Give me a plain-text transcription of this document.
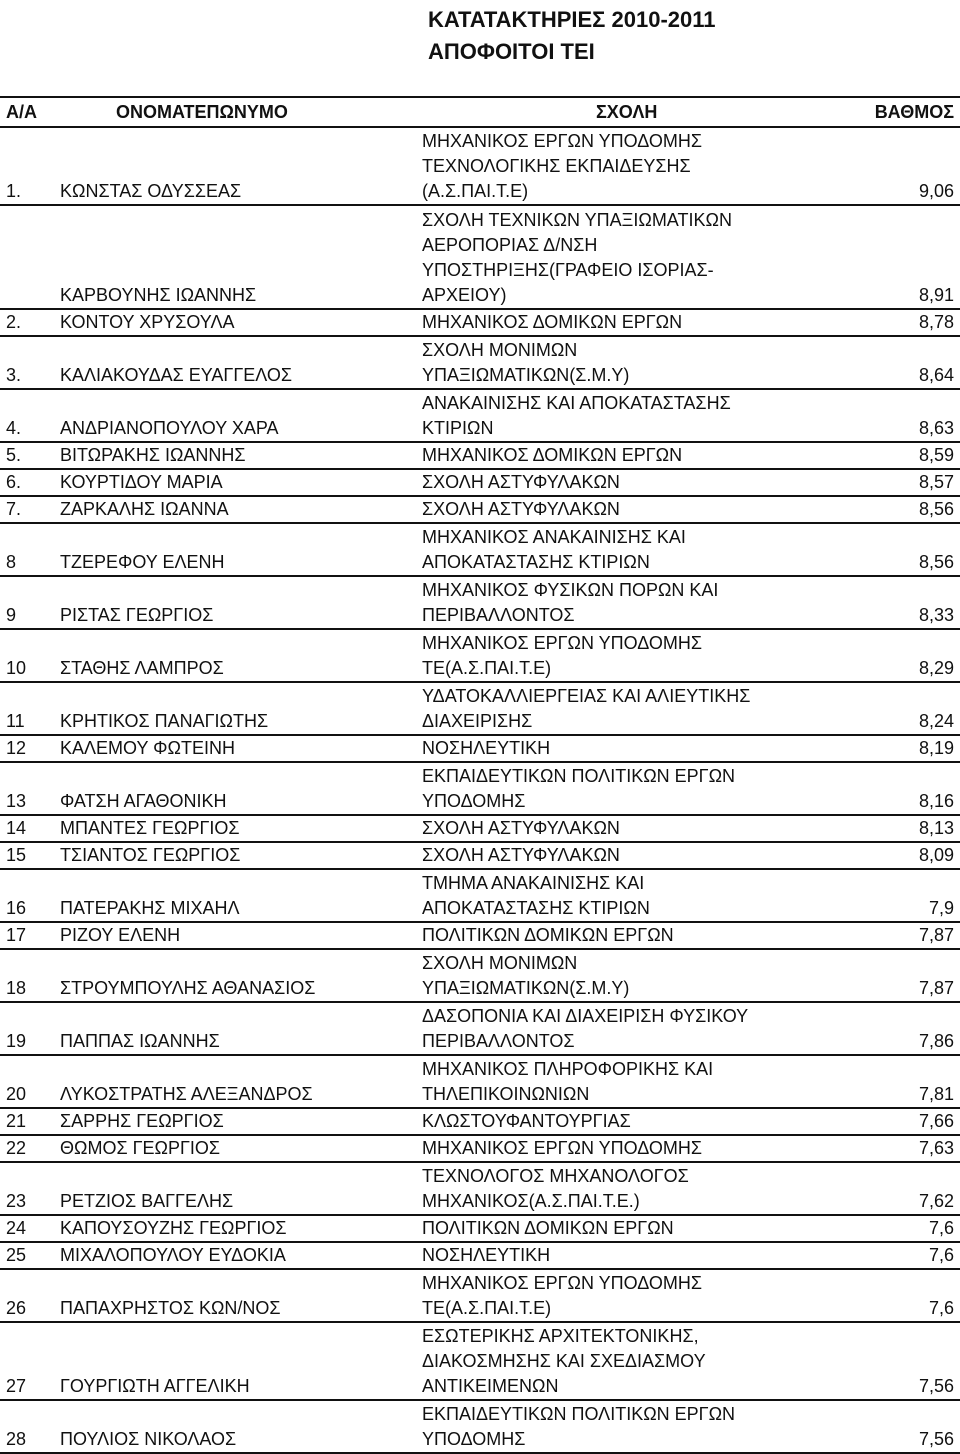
ΚΑΤΑΤΑΚΤΗΡΙΕΣ 2010-2011
ΑΠΟΦΟΙΤΟΙ ΤΕΙ
Α/Α	ΟΝΟΜΑΤΕΠΩΝΥΜΟ	ΣΧΟΛΗ	ΒΑΘΜΟΣ
1.	ΚΩΝΣΤΑΣ ΟΔΥΣΣΕΑΣ	ΜΗΧΑΝΙΚΟΣ ΕΡΓΩΝ ΥΠΟΔΟΜΗΣ
ΤΕΧΝΟΛΟΓΙΚΗΣ ΕΚΠΑΙΔΕΥΣΗΣ
(Α.Σ.ΠΑΙ.Τ.Ε)	9,06
	ΚΑΡΒΟΥΝΗΣ ΙΩΑΝΝΗΣ	ΣΧΟΛΗ ΤΕΧΝΙΚΩΝ ΥΠΑΞΙΩΜΑΤΙΚΩΝ
ΑΕΡΟΠΟΡΙΑΣ Δ/ΝΣΗ
ΥΠΟΣΤΗΡΙΞΗΣ(ΓΡΑΦΕΙΟ ΙΣΟΡΙΑΣ-
ΑΡΧΕΙΟΥ)	8,91
2.	ΚΟΝΤΟΥ ΧΡΥΣΟΥΛΑ	ΜΗΧΑΝΙΚΟΣ ΔΟΜΙΚΩΝ ΕΡΓΩΝ	8,78
3.	ΚΑΛΙΑΚΟΥΔΑΣ ΕΥΑΓΓΕΛΟΣ	ΣΧΟΛΗ ΜΟΝΙΜΩΝ
ΥΠΑΞΙΩΜΑΤΙΚΩΝ(Σ.Μ.Υ)	8,64
4.	ΑΝΔΡΙΑΝΟΠΟΥΛΟΥ ΧΑΡΑ	ΑΝΑΚΑΙΝΙΣΗΣ ΚΑΙ ΑΠΟΚΑΤΑΣΤΑΣΗΣ
ΚΤΙΡΙΩΝ	8,63
5.	ΒΙΤΩΡΑΚΗΣ ΙΩΑΝΝΗΣ	ΜΗΧΑΝΙΚΟΣ ΔΟΜΙΚΩΝ ΕΡΓΩΝ	8,59
6.	ΚΟΥΡΤΙΔΟΥ ΜΑΡΙΑ	ΣΧΟΛΗ ΑΣΤΥΦΥΛΑΚΩΝ	8,57
7.	ΖΑΡΚΑΛΗΣ ΙΩΑΝΝΑ	ΣΧΟΛΗ ΑΣΤΥΦΥΛΑΚΩΝ	8,56
8	ΤΖΕΡΕΦΟΥ ΕΛΕΝΗ	ΜΗΧΑΝΙΚΟΣ ΑΝΑΚΑΙΝΙΣΗΣ ΚΑΙ
ΑΠΟΚΑΤΑΣΤΑΣΗΣ ΚΤΙΡΙΩΝ	8,56
9	ΡΙΣΤΑΣ ΓΕΩΡΓΙΟΣ	ΜΗΧΑΝΙΚΟΣ ΦΥΣΙΚΩΝ ΠΟΡΩΝ ΚΑΙ
ΠΕΡΙΒΑΛΛΟΝΤΟΣ	8,33
10	ΣΤΑΘΗΣ ΛΑΜΠΡΟΣ	ΜΗΧΑΝΙΚΟΣ ΕΡΓΩΝ ΥΠΟΔΟΜΗΣ
ΤΕ(Α.Σ.ΠΑΙ.Τ.Ε)	8,29
11	ΚΡΗΤΙΚΟΣ ΠΑΝΑΓΙΩΤΗΣ	ΥΔΑΤΟΚΑΛΛΙΕΡΓΕΙΑΣ ΚΑΙ ΑΛΙΕΥΤΙΚΗΣ
ΔΙΑΧΕΙΡΙΣΗΣ	8,24
12	ΚΑΛΕΜΟΥ ΦΩΤΕΙΝΗ	ΝΟΣΗΛΕΥΤΙΚΗ	8,19
13	ΦΑΤΣΗ ΑΓΑΘΟΝΙΚΗ	ΕΚΠΑΙΔΕΥΤΙΚΩΝ ΠΟΛΙΤΙΚΩΝ ΕΡΓΩΝ
ΥΠΟΔΟΜΗΣ	8,16
14	ΜΠΑΝΤΕΣ ΓΕΩΡΓΙΟΣ	ΣΧΟΛΗ ΑΣΤΥΦΥΛΑΚΩΝ	8,13
15	ΤΣΙΑΝΤΟΣ ΓΕΩΡΓΙΟΣ	ΣΧΟΛΗ ΑΣΤΥΦΥΛΑΚΩΝ	8,09
16	ΠΑΤΕΡΑΚΗΣ ΜΙΧΑΗΛ	ΤΜΗΜΑ ΑΝΑΚΑΙΝΙΣΗΣ ΚΑΙ
ΑΠΟΚΑΤΑΣΤΑΣΗΣ ΚΤΙΡΙΩΝ	7,9
17	ΡΙΖΟΥ ΕΛΕΝΗ	ΠΟΛΙΤΙΚΩΝ ΔΟΜΙΚΩΝ ΕΡΓΩΝ	7,87
18	ΣΤΡΟΥΜΠΟΥΛΗΣ ΑΘΑΝΑΣΙΟΣ	ΣΧΟΛΗ ΜΟΝΙΜΩΝ
ΥΠΑΞΙΩΜΑΤΙΚΩΝ(Σ.Μ.Υ)	7,87
19	ΠΑΠΠΑΣ ΙΩΑΝΝΗΣ	ΔΑΣΟΠΟΝΙΑ ΚΑΙ ΔΙΑΧΕΙΡΙΣΗ ΦΥΣΙΚΟΥ
ΠΕΡΙΒΑΛΛΟΝΤΟΣ	7,86
20	ΛΥΚΟΣΤΡΑΤΗΣ ΑΛΕΞΑΝΔΡΟΣ	ΜΗΧΑΝΙΚΟΣ ΠΛΗΡΟΦΟΡΙΚΗΣ ΚΑΙ
ΤΗΛΕΠΙΚΟΙΝΩΝΙΩΝ	7,81
21	ΣΑΡΡΗΣ ΓΕΩΡΓΙΟΣ	ΚΛΩΣΤΟΥΦΑΝΤΟΥΡΓΙΑΣ	7,66
22	ΘΩΜΟΣ ΓΕΩΡΓΙΟΣ	ΜΗΧΑΝΙΚΟΣ ΕΡΓΩΝ ΥΠΟΔΟΜΗΣ	7,63
23	ΡΕΤΖΙΟΣ ΒΑΓΓΕΛΗΣ	ΤΕΧΝΟΛΟΓΟΣ ΜΗΧΑΝΟΛΟΓΟΣ
ΜΗΧΑΝΙΚΟΣ(Α.Σ.ΠΑΙ.Τ.Ε.)	7,62
24	ΚΑΠΟΥΣΟΥΖΗΣ ΓΕΩΡΓΙΟΣ	ΠΟΛΙΤΙΚΩΝ ΔΟΜΙΚΩΝ ΕΡΓΩΝ	7,6
25	ΜΙΧΑΛΟΠΟΥΛΟΥ ΕΥΔΟΚΙΑ	ΝΟΣΗΛΕΥΤΙΚΗ	7,6
26	ΠΑΠΑΧΡΗΣΤΟΣ ΚΩΝ/ΝΟΣ	ΜΗΧΑΝΙΚΟΣ ΕΡΓΩΝ ΥΠΟΔΟΜΗΣ
ΤΕ(Α.Σ.ΠΑΙ.Τ.Ε)	7,6
27	ΓΟΥΡΓΙΩΤΗ ΑΓΓΕΛΙΚΗ	ΕΣΩΤΕΡΙΚΗΣ ΑΡΧΙΤΕΚΤΟΝΙΚΗΣ,
ΔΙΑΚΟΣΜΗΣΗΣ ΚΑΙ ΣΧΕΔΙΑΣΜΟΥ
ΑΝΤΙΚΕΙΜΕΝΩΝ	7,56
28	ΠΟΥΛΙΟΣ ΝΙΚΟΛΑΟΣ	ΕΚΠΑΙΔΕΥΤΙΚΩΝ ΠΟΛΙΤΙΚΩΝ ΕΡΓΩΝ
ΥΠΟΔΟΜΗΣ	7,56
